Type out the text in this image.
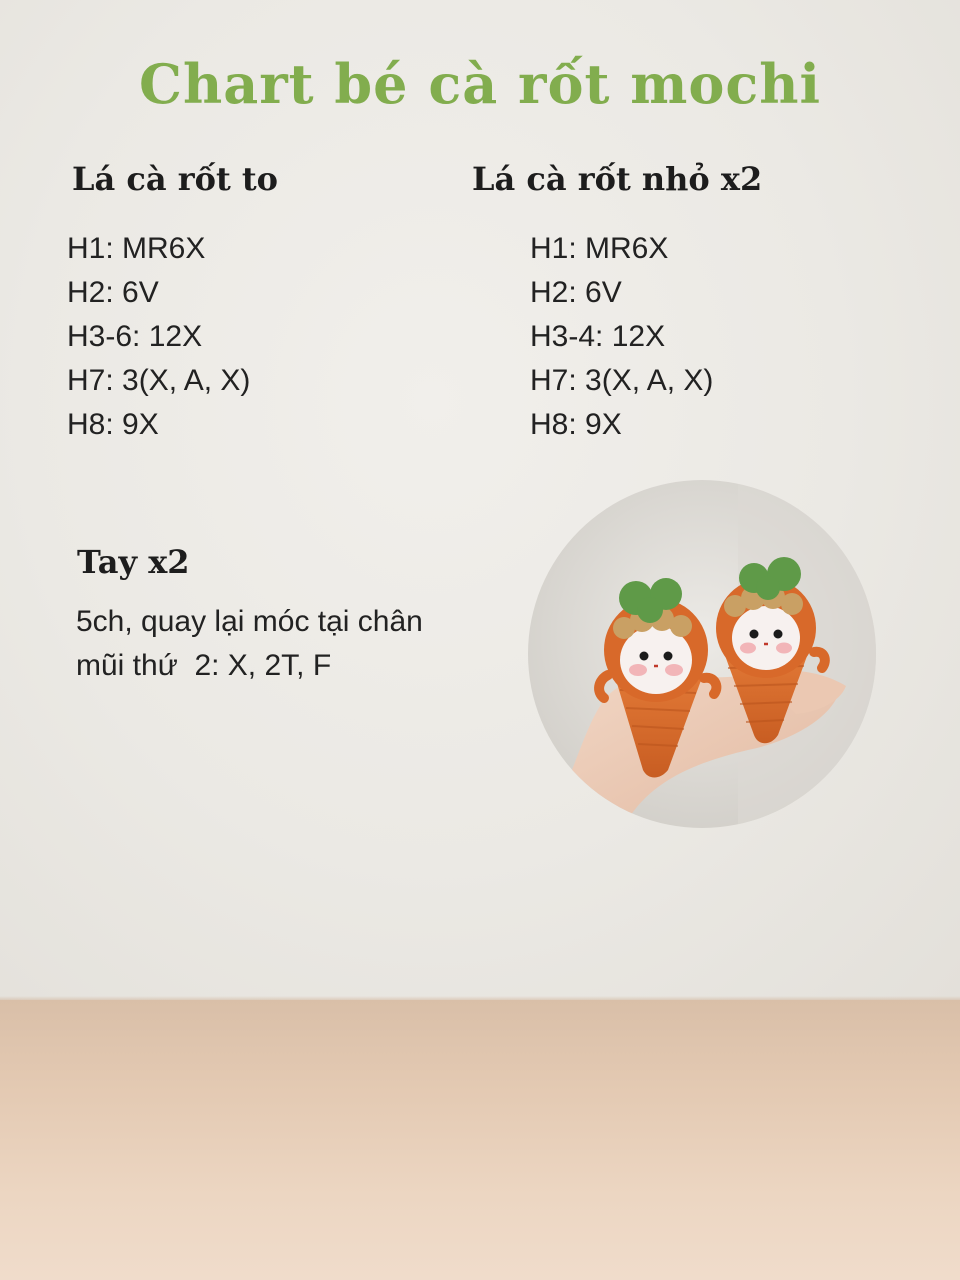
Chart bé cà rốt mochi
Lá cà rốt to
H1: MR6X
H2: 6V
H3-6: 12X
H7: 3(X, A, X)
H8: 9X
Lá cà rốt nhỏ x2
H1: MR6X
H2: 6V
H3-4: 12X
H7: 3(X, A, X)
H8: 9X
Tay x2
5ch, quay lại móc tại chân
mũi thứ  2: X, 2T, F
